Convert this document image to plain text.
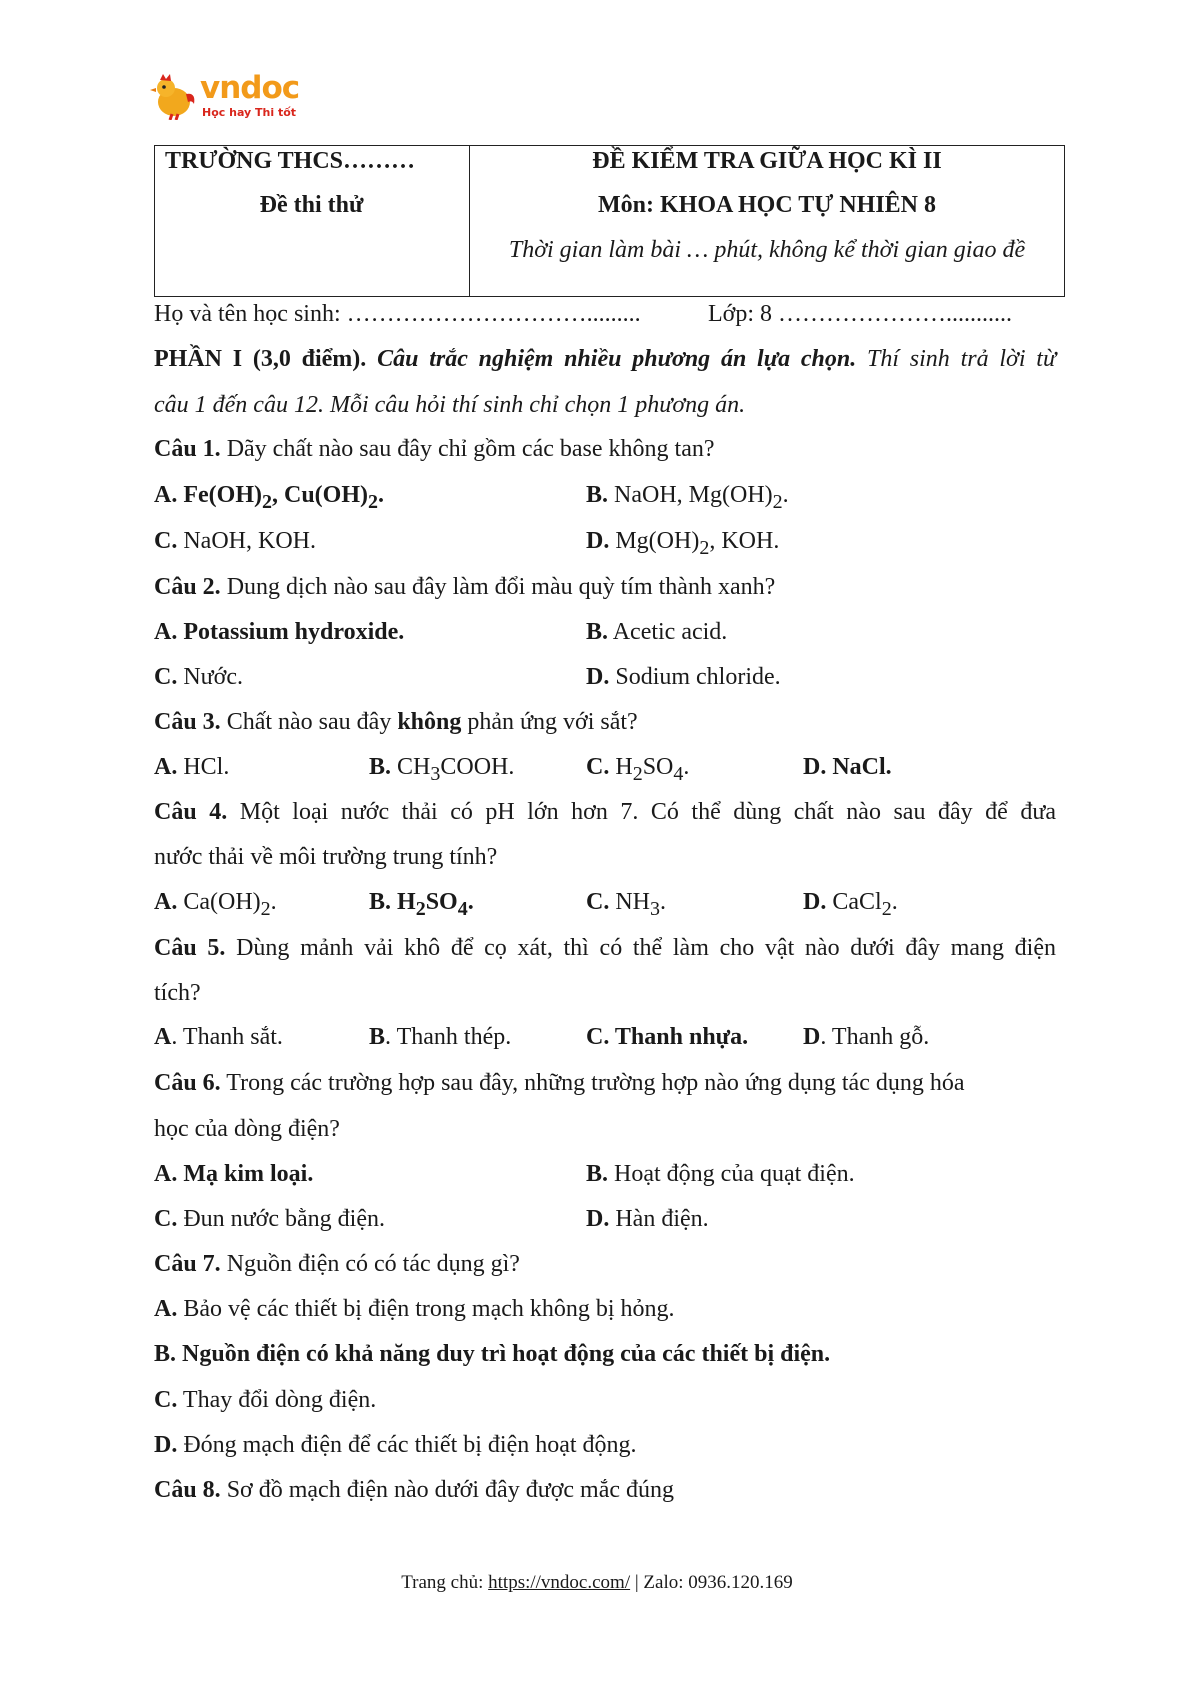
vndoc
Học hay Thi tốt
TRƯỜNG THCS………
Đề thi thử
ĐỀ KIỂM TRA GIỮA HỌC KÌ II
Môn: KHOA HỌC TỰ NHIÊN 8
Thời gian làm bài … phút, không kể thời gian giao đề
Họ và tên học sinh: ………………………….........	Lớp: 8 …………………...........
PHẦN I (3,0 điểm). Câu trắc nghiệm nhiều phương án lựa chọn. Thí sinh trả lời từ
câu 1 đến câu 12. Mỗi câu hỏi thí sinh chỉ chọn 1 phương án.
Câu 1. Dãy chất nào sau đây chỉ gồm các base không tan?
A. $Fe(OH)_2$, $Cu(OH)_2$.	B. NaOH, $Mg(OH)_2$.
C. NaOH, KOH.	D. $Mg(OH)_2$, KOH.
Câu 2. Dung dịch nào sau đây làm đổi màu quỳ tím thành xanh?
A. Potassium hydroxide.	B. Acetic acid.
C. Nước.	D. Sodium chloride.
Câu 3. Chất nào sau đây không phản ứng với sắt?
A. HCl.	B. $CH_3COOH$.	C. $H_2SO_4$.	D. NaCl.
Câu 4. Một loại nước thải có pH lớn hơn 7. Có thể dùng chất nào sau đây để đưa
nước thải về môi trường trung tính?
A. $Ca(OH)_2$.	B. $H_2SO_4$.	C. $NH_3$.	D. CaCl$_2$.
Câu 5. Dùng mảnh vải khô để cọ xát, thì có thể làm cho vật nào dưới đây mang điện
tích?
A. Thanh sắt.	B. Thanh thép.	C. Thanh nhựa. D. Thanh gỗ.
Câu 6. Trong các trường hợp sau đây, những trường hợp nào ứng dụng tác dụng hóa
học của dòng điện?
A. Mạ kim loại.	B. Hoạt động của quạt điện.
C. Đun nước bằng điện.	D. Hàn điện.
Câu 7. Nguồn điện có có tác dụng gì?
A. Bảo vệ các thiết bị điện trong mạch không bị hỏng.
B. Nguồn điện có khả năng duy trì hoạt động của các thiết bị điện.
C. Thay đổi dòng điện.
D. Đóng mạch điện để các thiết bị điện hoạt động.
Câu 8. Sơ đồ mạch điện nào dưới đây được mắc đúng
Trang chủ: https://vndoc.com/ | Zalo: 0936.120.169
